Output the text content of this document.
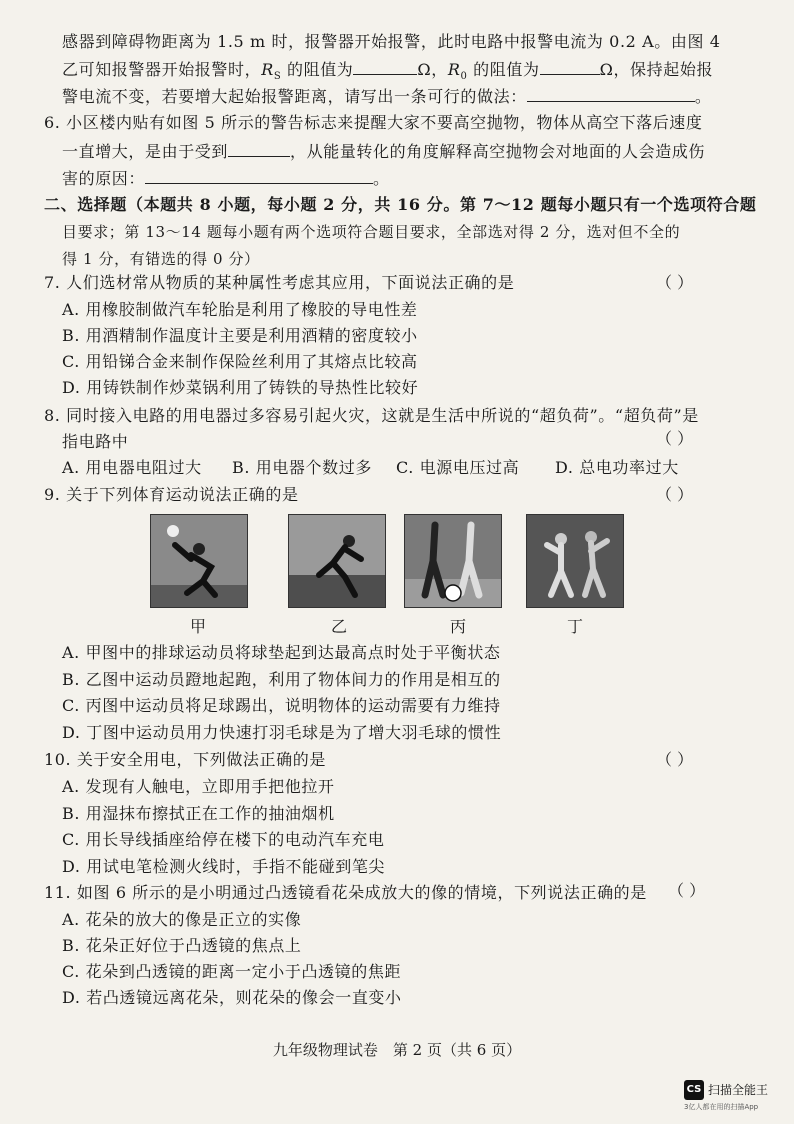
感器到障碍物距离为 1.5 m 时，报警器开始报警，此时电路中报警电流为 0.2 A。由图 4
乙可知报警器开始报警时，$R_S$ 的阻值为	Ω，$R_0$ 的阻值为	Ω，保持起始报
警电流不变，若要增大起始报警距离，请写出一条可行的做法：	。
6. 小区楼内贴有如图 5 所示的警告标志来提醒大家不要高空抛物，物体从高空下落后速度
一直增大，是由于受到	，从能量转化的角度解释高空抛物会对地面的人会造成伤
害的原因：	。
二、选择题（本题共 8 小题，每小题 2 分，共 16 分。第 7～12 题每小题只有一个选项符合题
目要求；第 13～14 题每小题有两个选项符合题目要求，全部选对得 2 分，选对但不全的
得 1 分，有错选的得 0 分）
7. 人们选材常从物质的某种属性考虑其应用，下面说法正确的是	（ ）
A. 用橡胶制做汽车轮胎是利用了橡胶的导电性差
B. 用酒精制作温度计主要是利用酒精的密度较小
C. 用铅锑合金来制作保险丝利用了其熔点比较高
D. 用铸铁制作炒菜锅利用了铸铁的导热性比较好
8. 同时接入电路的用电器过多容易引起火灾，这就是生活中所说的“超负荷”。“超负荷”是
指电路中	（ ）
A. 用电器电阻过大 B. 用电器个数过多 C. 电源电压过高 D. 总电功率过大
9. 关于下列体育运动说法正确的是	（ ）
甲	乙	丙	丁
A. 甲图中的排球运动员将球垫起到达最高点时处于平衡状态
B. 乙图中运动员蹬地起跑，利用了物体间力的作用是相互的
C. 丙图中运动员将足球踢出，说明物体的运动需要有力维持
D. 丁图中运动员用力快速打羽毛球是为了增大羽毛球的惯性
10. 关于安全用电，下列做法正确的是	（ ）
A. 发现有人触电，立即用手把他拉开
B. 用湿抹布擦拭正在工作的抽油烟机
C. 用长导线插座给停在楼下的电动汽车充电
D. 用试电笔检测火线时，手指不能碰到笔尖
11. 如图 6 所示的是小明通过凸透镜看花朵成放大的像的情境，下列说法正确的是 （ ）
A. 花朵的放大的像是正立的实像
B. 花朵正好位于凸透镜的焦点上
C. 花朵到凸透镜的距离一定小于凸透镜的焦距
D. 若凸透镜远离花朵，则花朵的像会一直变小
九年级物理试卷　第 2 页（共 6 页）
CS 扫描全能王
3亿人都在用的扫描App
